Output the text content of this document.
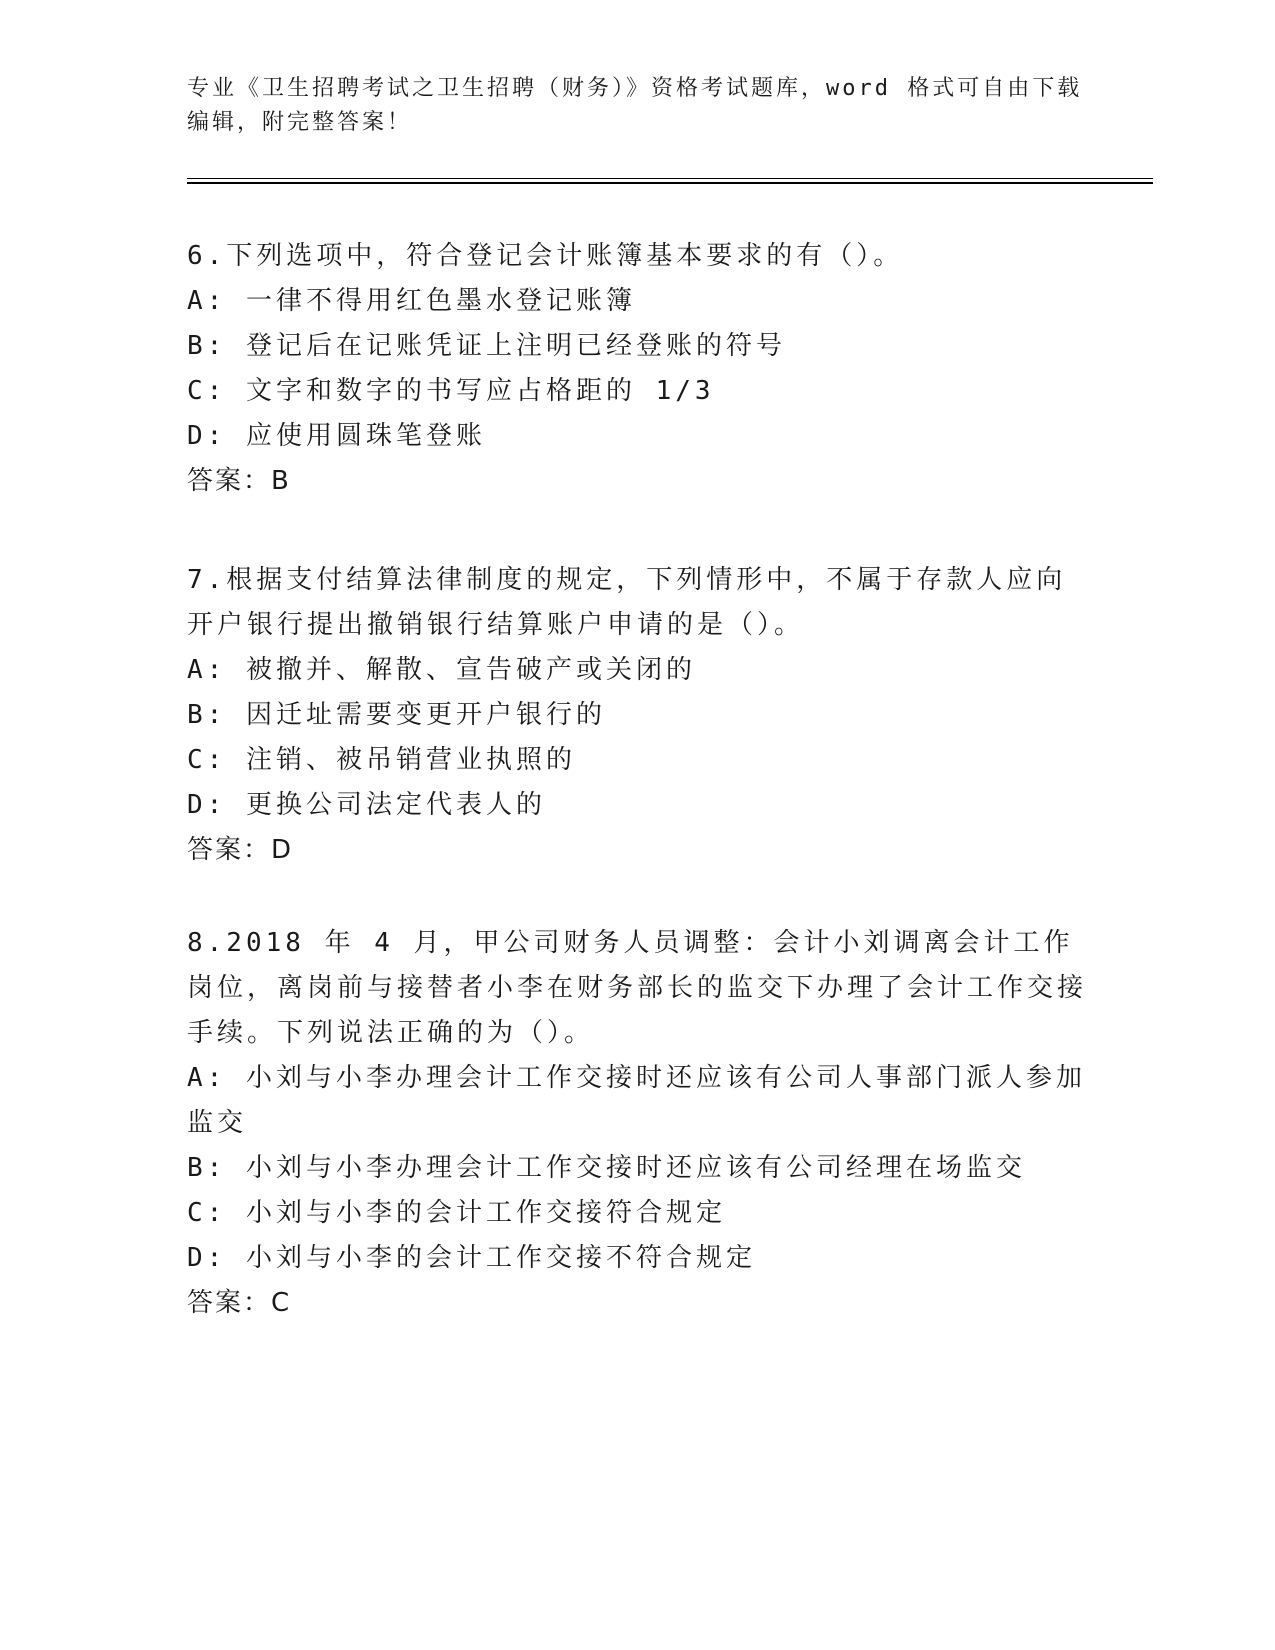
专业《卫生招聘考试之卫生招聘（财务）》资格考试题库，word 格式可自由下载编辑，附完整答案！

6.下列选项中，符合登记会计账簿基本要求的有（）。

A: 一律不得用红色墨水登记账簿

B: 登记后在记账凭证上注明已经登账的符号

C: 文字和数字的书写应占格距的 1/3

D: 应使用圆珠笔登账

答案：B

7.根据支付结算法律制度的规定，下列情形中，不属于存款人应向开户银行提出撤销银行结算账户申请的是（）。

A: 被撤并、解散、宣告破产或关闭的

B: 因迁址需要变更开户银行的

C: 注销、被吊销营业执照的

D: 更换公司法定代表人的

答案：D

8.2018 年 4 月，甲公司财务人员调整：会计小刘调离会计工作岗位，离岗前与接替者小李在财务部长的监交下办理了会计工作交接手续。下列说法正确的为（）。

A: 小刘与小李办理会计工作交接时还应该有公司人事部门派人参加监交

B: 小刘与小李办理会计工作交接时还应该有公司经理在场监交

C: 小刘与小李的会计工作交接符合规定

D: 小刘与小李的会计工作交接不符合规定

答案：C
